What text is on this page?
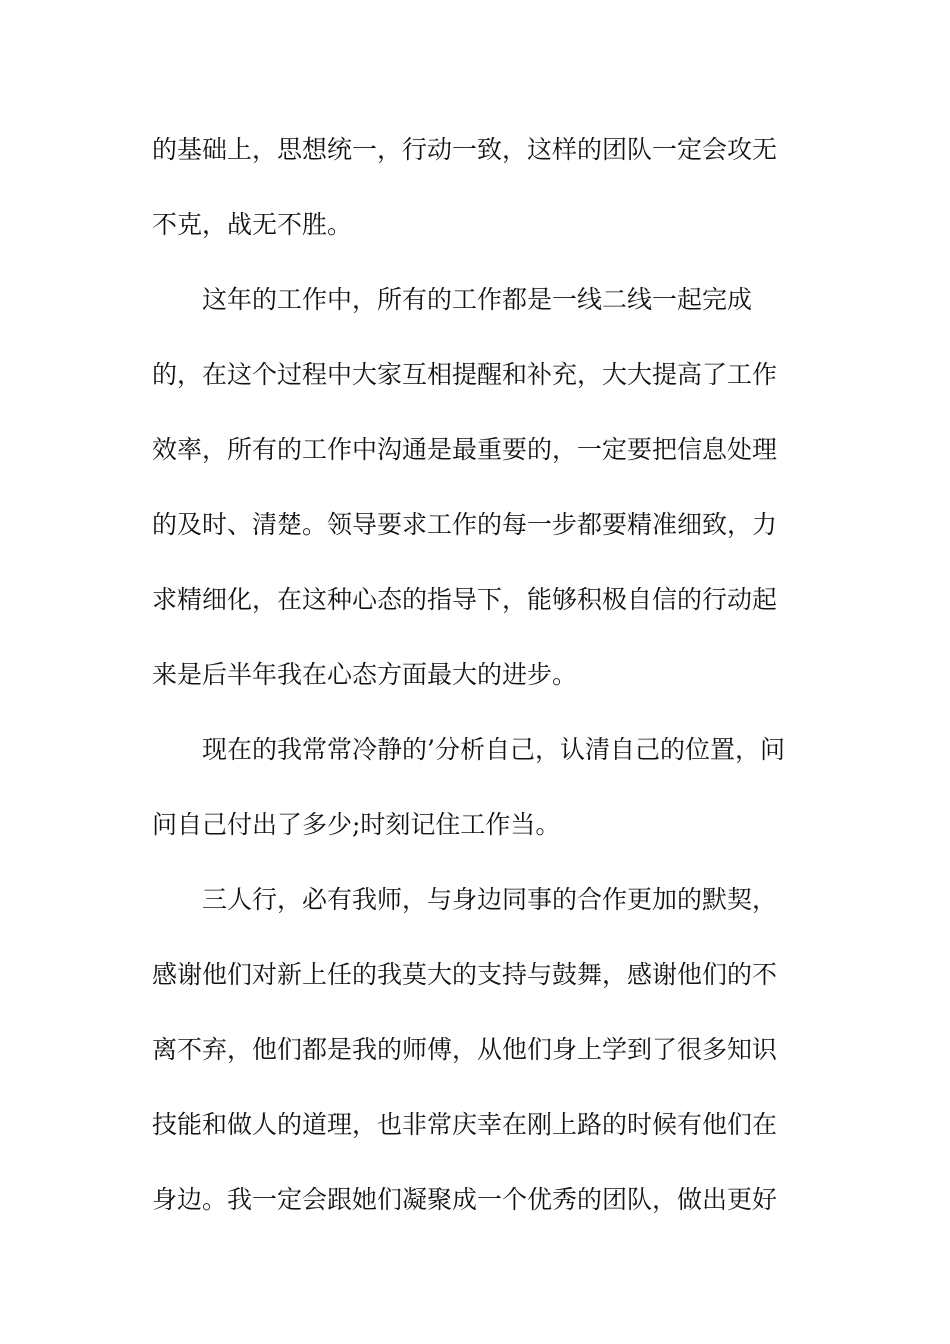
的基础上，思想统一，行动一致，这样的团队一定会攻无

不克，战无不胜。

这年的工作中，所有的工作都是一线二线一起完成

的，在这个过程中大家互相提醒和补充，大大提高了工作

效率，所有的工作中沟通是最重要的，一定要把信息处理

的及时、清楚。领导要求工作的每一步都要精准细致，力

求精细化，在这种心态的指导下，能够积极自信的行动起

来是后半年我在心态方面最大的进步。

现在的我常常冷静的’分析自己，认清自己的位置，问

问自己付出了多少;时刻记住工作当。

三人行，必有我师，与身边同事的合作更加的默契，

感谢他们对新上任的我莫大的支持与鼓舞，感谢他们的不

离不弃，他们都是我的师傅，从他们身上学到了很多知识

技能和做人的道理，也非常庆幸在刚上路的时候有他们在

身边。我一定会跟她们凝聚成一个优秀的团队，做出更好
